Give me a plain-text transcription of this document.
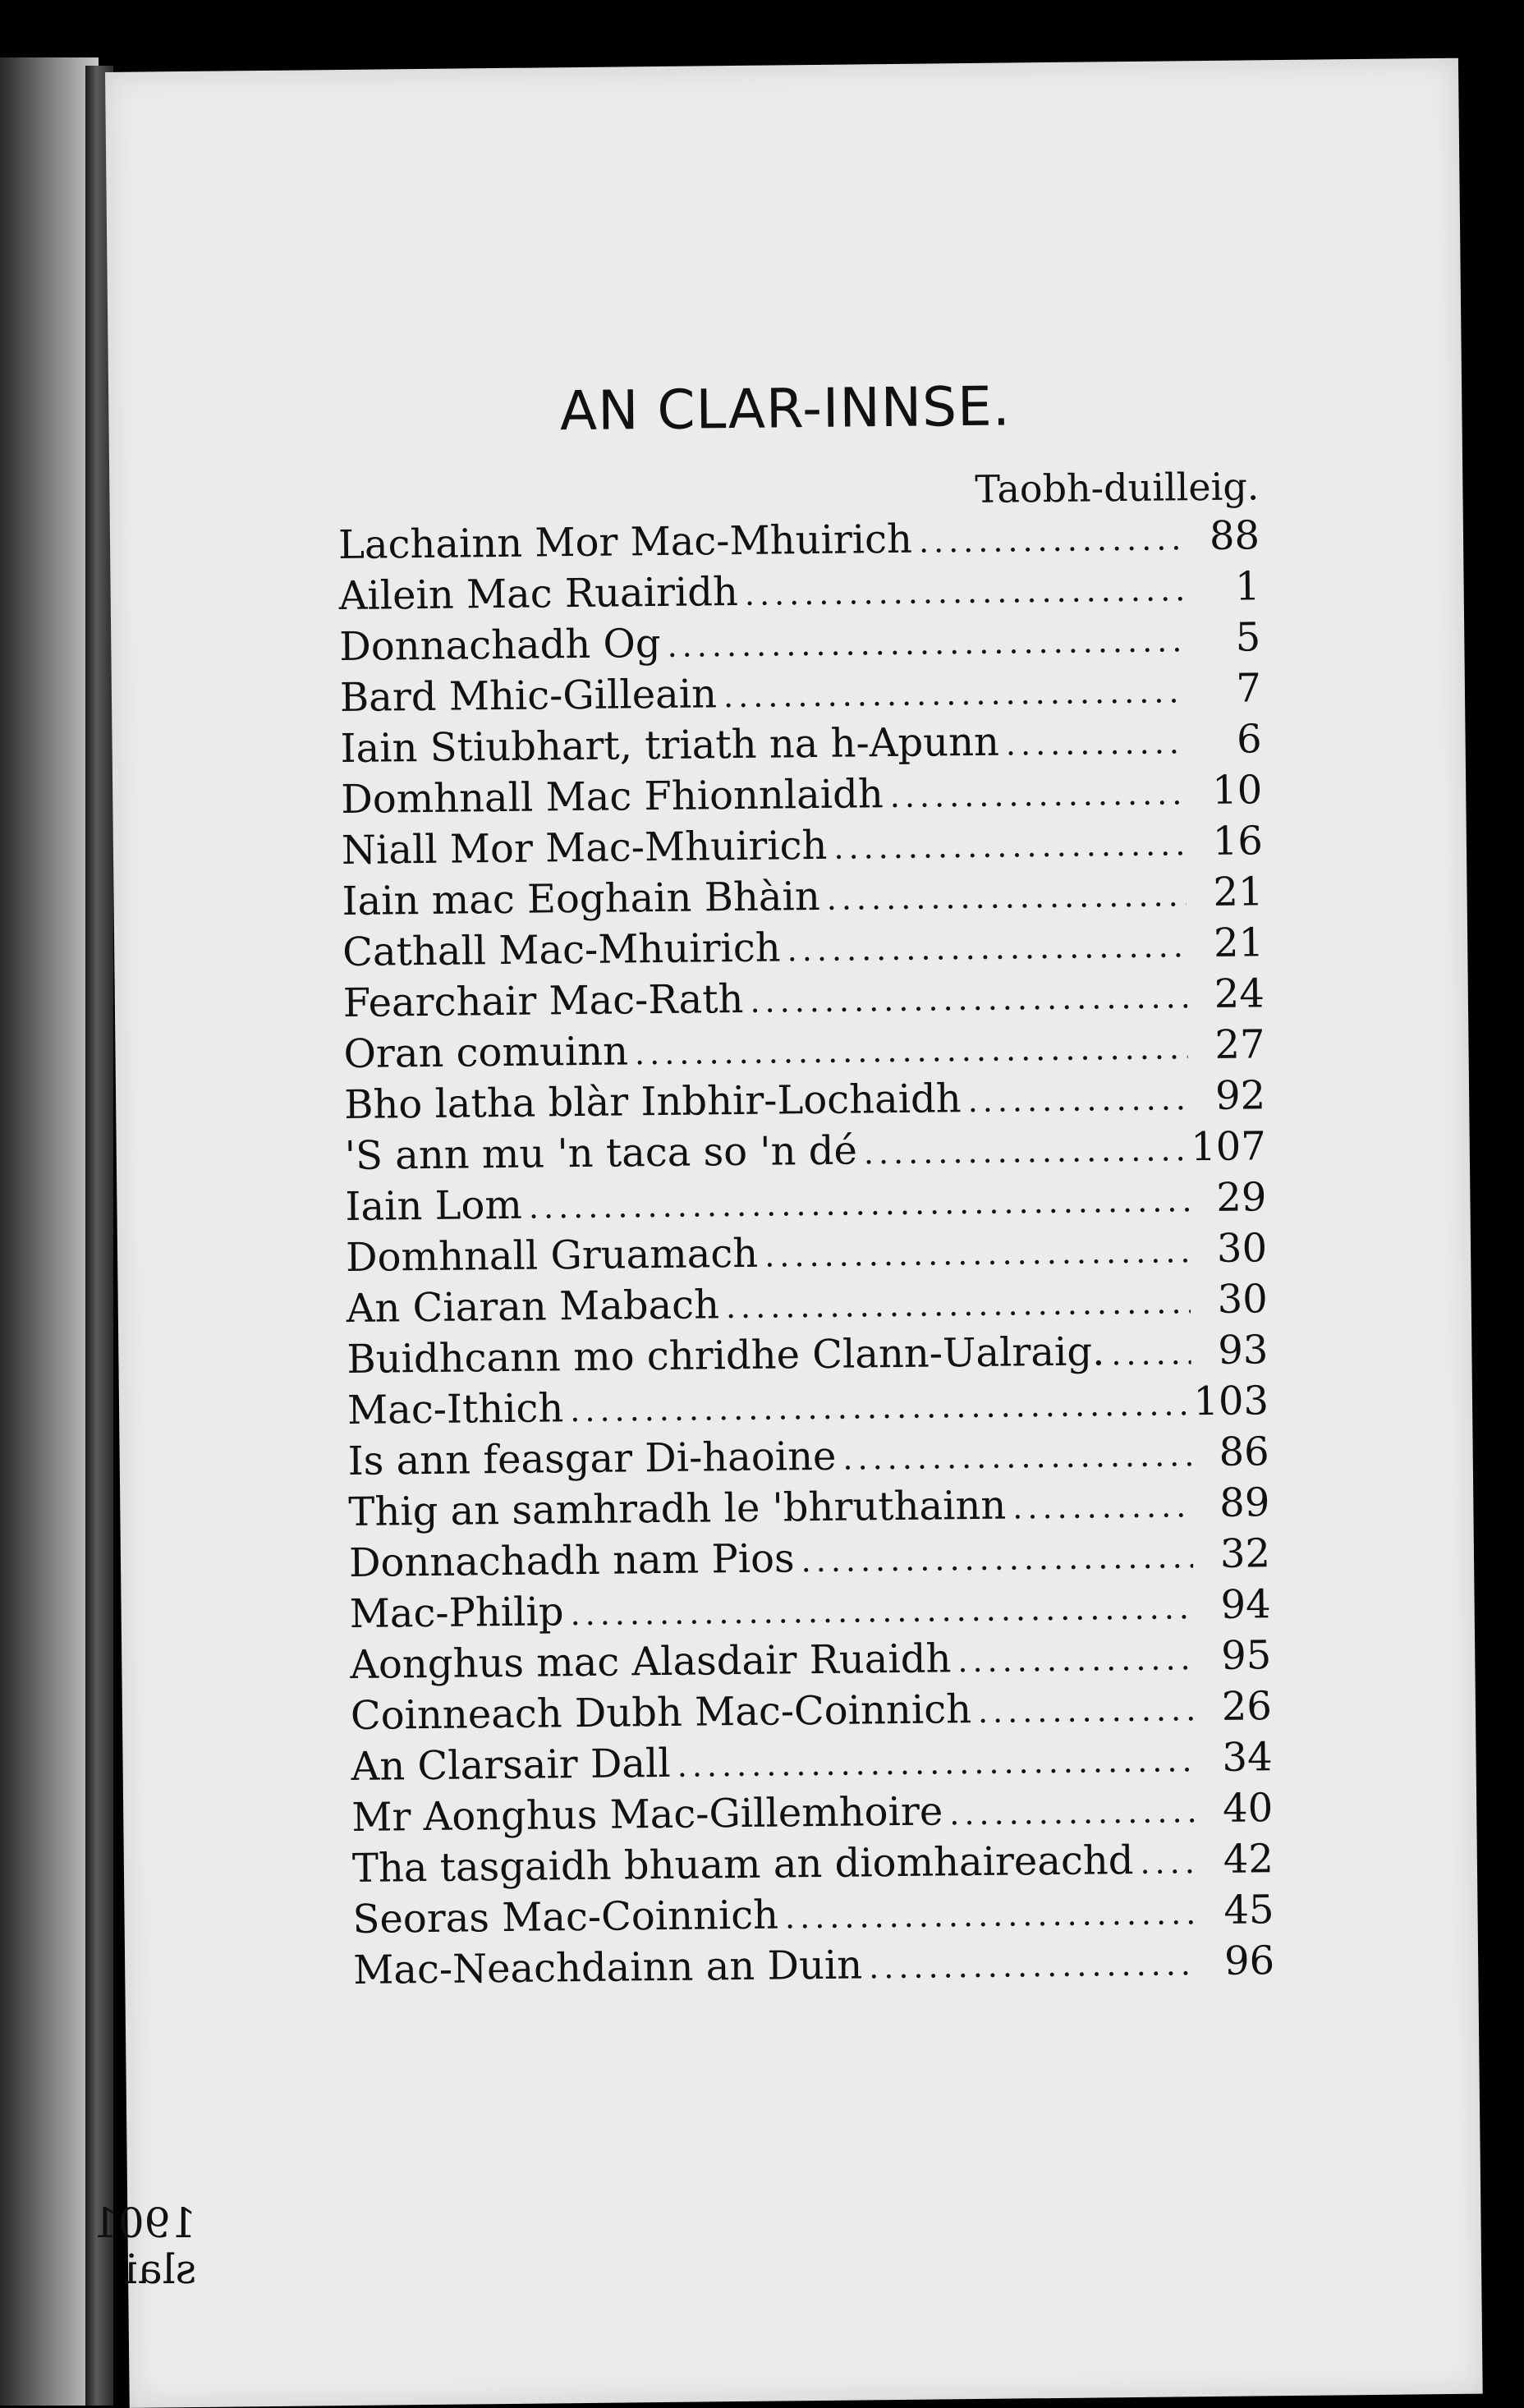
AN CLAR-INNSE.
Taobh-duilleig.
Lachainn Mor Mac-Mhuirich .....	88
Ailein Mac Ruairidh .....	1
Donnachadh Og .....	5
Bard Mhic-Gilleain .....	7
Iain Stiubhart, triath na h-Apunn .....	6
Domhnall Mac Fhionnlaidh .....	10
Niall Mor Mac-Mhuirich .....	16
Iain mac Eoghain Bhàin .....	21
Cathall Mac-Mhuirich .....	21
Fearchair Mac-Rath .....	24
Oran comuinn .....	27
Bho latha blàr Inbhir-Lochaidh .....	92
'S ann mu 'n taca so 'n dé .....	107
Iain Lom .....	29
Domhnall Gruamach .....	30
An Ciaran Mabach .....	30
Buidhcann mo chridhe Clann-Ualraig. .....	93
Mac-Ithich .....	103
Is ann feasgar Di-haoine .....	86
Thig an samhradh le 'bhruthainn .....	89
Donnachadh nam Pios .....	32
Mac-Philip .....	94
Aonghus mac Alasdair Ruaidh .....	95
Coinneach Dubh Mac-Coinnich .....	26
An Clarsair Dall .....	34
Mr Aonghus Mac-Gillemhoire .....	40
Tha tasgaidh bhuam an diomhaireachd .....	42
Seoras Mac-Coinnich .....	45
Mac-Neachdainn an Duin .....	96
1901
slai
